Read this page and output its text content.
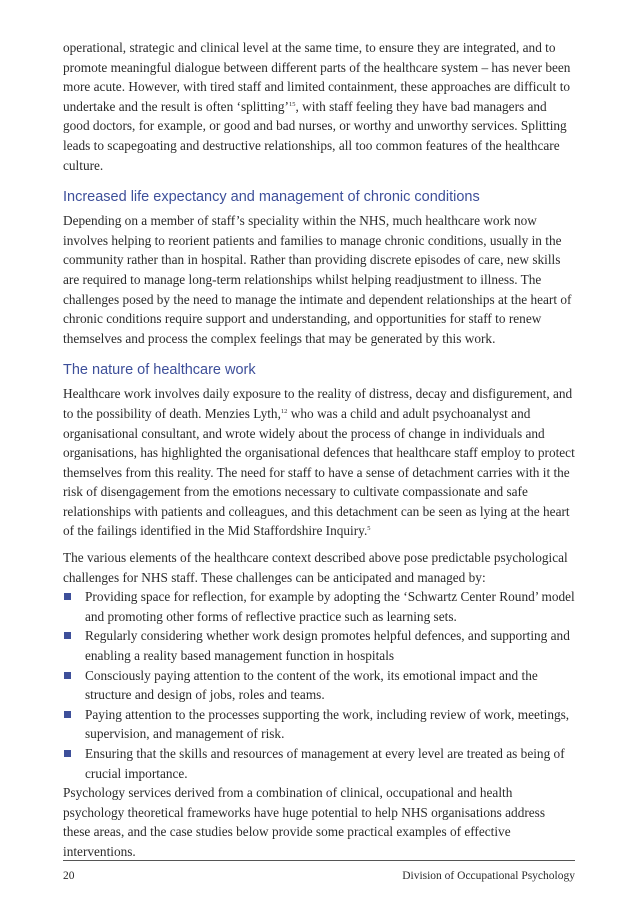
operational, strategic and clinical level at the same time, to ensure they are integrated, and to promote meaningful dialogue between different parts of the healthcare system – has never been more acute. However, with tired staff and limited containment, these approaches are difficult to undertake and the result is often ‘splitting’$^{15}$, with staff feeling they have bad managers and good doctors, for example, or good and bad nurses, or worthy and unworthy services. Splitting leads to scapegoating and destructive relationships, all too common features of the healthcare culture.

Increased life expectancy and management of chronic conditions

Depending on a member of staff’s speciality within the NHS, much healthcare work now involves helping to reorient patients and families to manage chronic conditions, usually in the community rather than in hospital. Rather than providing discrete episodes of care, new skills are required to manage long-term relationships whilst helping readjustment to illness. The challenges posed by the need to manage the intimate and dependent relationships at the heart of chronic conditions require support and understanding, and opportunities for staff to renew themselves and process the complex feelings that may be generated by this work.

The nature of healthcare work

Healthcare work involves daily exposure to the reality of distress, decay and disfigurement, and to the possibility of death. Menzies Lyth,$^{12}$ who was a child and adult psychoanalyst and organisational consultant, and wrote widely about the process of change in individuals and organisations, has highlighted the organisational defences that healthcare staff employ to protect themselves from this reality. The need for staff to have a sense of detachment carries with it the risk of disengagement from the emotions necessary to cultivate compassionate and safe relationships with patients and colleagues, and this detachment can be seen as lying at the heart of the failings identified in the Mid Staffordshire Inquiry.$^5$

The various elements of the healthcare context described above pose predictable psychological challenges for NHS staff. These challenges can be anticipated and managed by:

Providing space for reflection, for example by adopting the ‘Schwartz Center Round’ model and promoting other forms of reflective practice such as learning sets.
Regularly considering whether work design promotes helpful defences, and supporting and enabling a reality based management function in hospitals
Consciously paying attention to the content of the work, its emotional impact and the structure and design of jobs, roles and teams.
Paying attention to the processes supporting the work, including review of work, meetings, supervision, and management of risk.
Ensuring that the skills and resources of management at every level are treated as being of crucial importance.

Psychology services derived from a combination of clinical, occupational and health psychology theoretical frameworks have huge potential to help NHS organisations address these areas, and the case studies below provide some practical examples of effective interventions.

20	Division of Occupational Psychology
